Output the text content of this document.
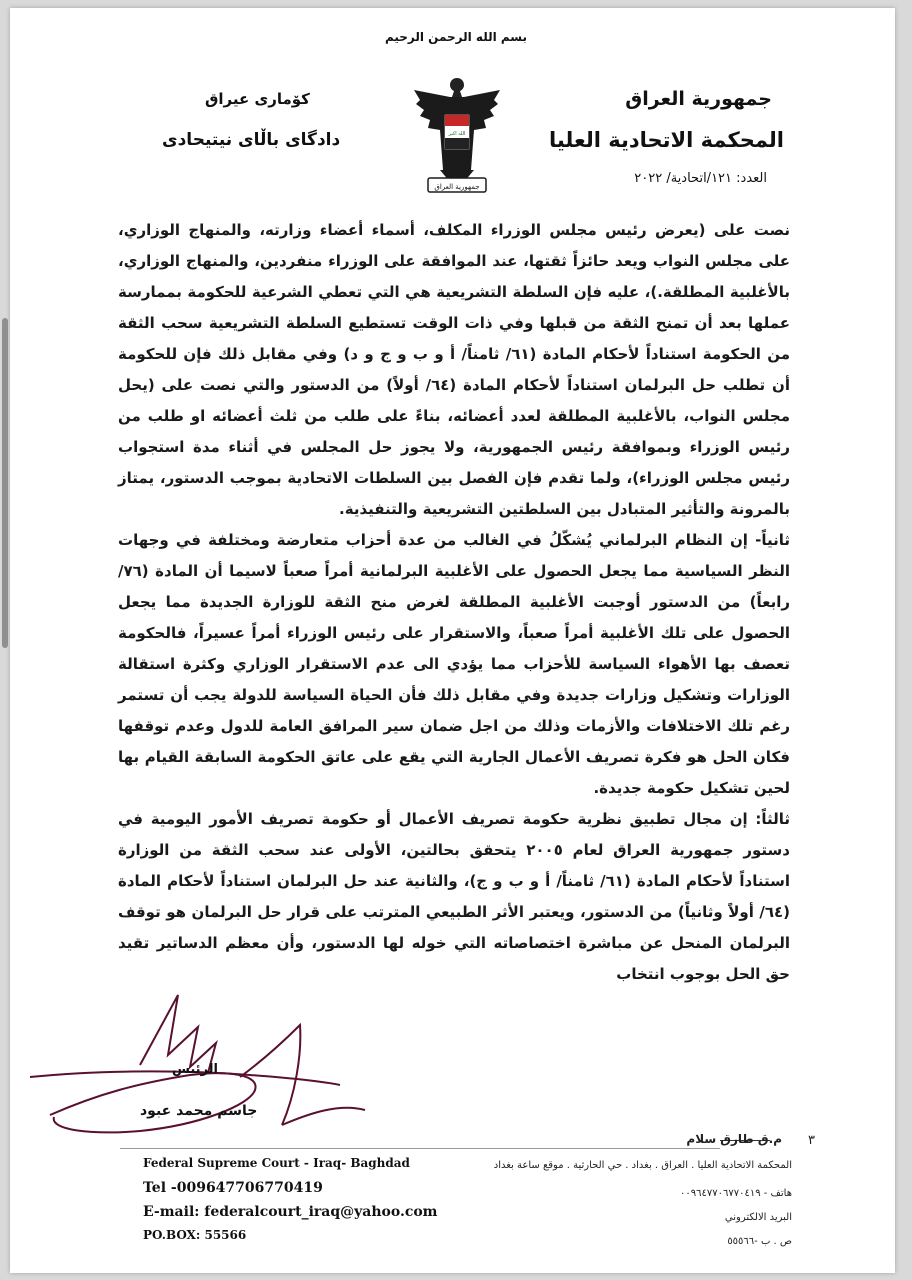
بسم الله الرحمن الرحيم
جمهورية العراق
المحكمة الاتحادية العليا
العدد: ١٢١/اتحادية/ ٢٠٢٢
كۆماری عیراق
دادگای باڵای نیتیحادی	الله اكبر
جمهورية العراق

نصت على (يعرض رئيس مجلس الوزراء المكلف، أسماء أعضاء وزارته، والمنهاج الوزاري، على مجلس النواب ويعد حائزاً ثقتها، عند الموافقة على الوزراء منفردين، والمنهاج الوزاري، بالأغلبية المطلقة.)، عليه فإن السلطة التشريعية هي التي تعطي الشرعية للحكومة بممارسة عملها بعد أن تمنح الثقة من قبلها وفي ذات الوقت تستطيع السلطة التشريعية سحب الثقة من الحكومة استناداً لأحكام المادة (٦١/ ثامناً/ أ و ب و ج و د) وفي مقابل ذلك فإن للحكومة أن تطلب حل البرلمان استناداً لأحكام المادة (٦٤/ أولاً) من الدستور والتي نصت على (يحل مجلس النواب، بالأغلبية المطلقة لعدد أعضائه، بناءً على طلب من ثلث أعضائه او طلب من رئيس الوزراء وبموافقة رئيس الجمهورية، ولا يجوز حل المجلس في أثناء مدة استجواب رئيس مجلس الوزراء)، ولما تقدم فإن الفصل بين السلطات الاتحادية بموجب الدستور، يمتاز بالمرونة والتأثير المتبادل بين السلطتين التشريعية والتنفيذية.

ثانياً- إن النظام البرلماني يُشكّلُ في الغالب من عدة أحزاب متعارضة ومختلفة في وجهات النظر السياسية مما يجعل الحصول على الأغلبية البرلمانية أمراً صعباً لاسيما أن المادة (٧٦/رابعاً) من الدستور أوجبت الأغلبية المطلقة لغرض منح الثقة للوزارة الجديدة مما يجعل الحصول على تلك الأغلبية أمراً صعباً، والاستقرار على رئيس الوزراء أمراً عسيراً، فالحكومة تعصف بها الأهواء السياسة للأحزاب مما يؤدي الى عدم الاستقرار الوزاري وكثرة استقالة الوزارات وتشكيل وزارات جديدة وفي مقابل ذلك فأن الحياة السياسة للدولة يجب أن تستمر رغم تلك الاختلافات والأزمات وذلك من اجل ضمان سير المرافق العامة للدول وعدم توقفها فكان الحل هو فكرة تصريف الأعمال الجارية التي يقع على عاتق الحكومة السابقة القيام بها لحين تشكيل حكومة جديدة.

ثالثاً: إن مجال تطبيق نظرية حكومة تصريف الأعمال أو حكومة تصريف الأمور اليومية في دستور جمهورية العراق لعام ٢٠٠٥ يتحقق بحالتين، الأولى عند سحب الثقة من الوزارة استناداً لأحكام المادة (٦١/ ثامناً/ أ و ب و ج)، والثانية عند حل البرلمان استناداً لأحكام المادة (٦٤/ أولاً وثانياً) من الدستور، ويعتبر الأثر الطبيعي المترتب على قرار حل البرلمان هو توقف البرلمان المنحل عن مباشرة اختصاصاته التي خوله لها الدستور، وأن معظم الدساتير تقيد حق الحل بوجوب انتخاب

الرئيس
جاسم محمد عبود
٣
م.ق طارق سلام
Federal Supreme Court - Iraq- Baghdad
Tel -009647706770419
E-mail: federalcourt_iraq@yahoo.com
PO.BOX: 55566
المحكمة الاتحادية العليا . العراق . بغداد . حي الحارثية . موقع ساعة بغداد
هاتف - ٠٠٩٦٤٧٧٠٦٧٧٠٤١٩
البريد الالكتروني
ص . ب -٥٥٥٦٦
